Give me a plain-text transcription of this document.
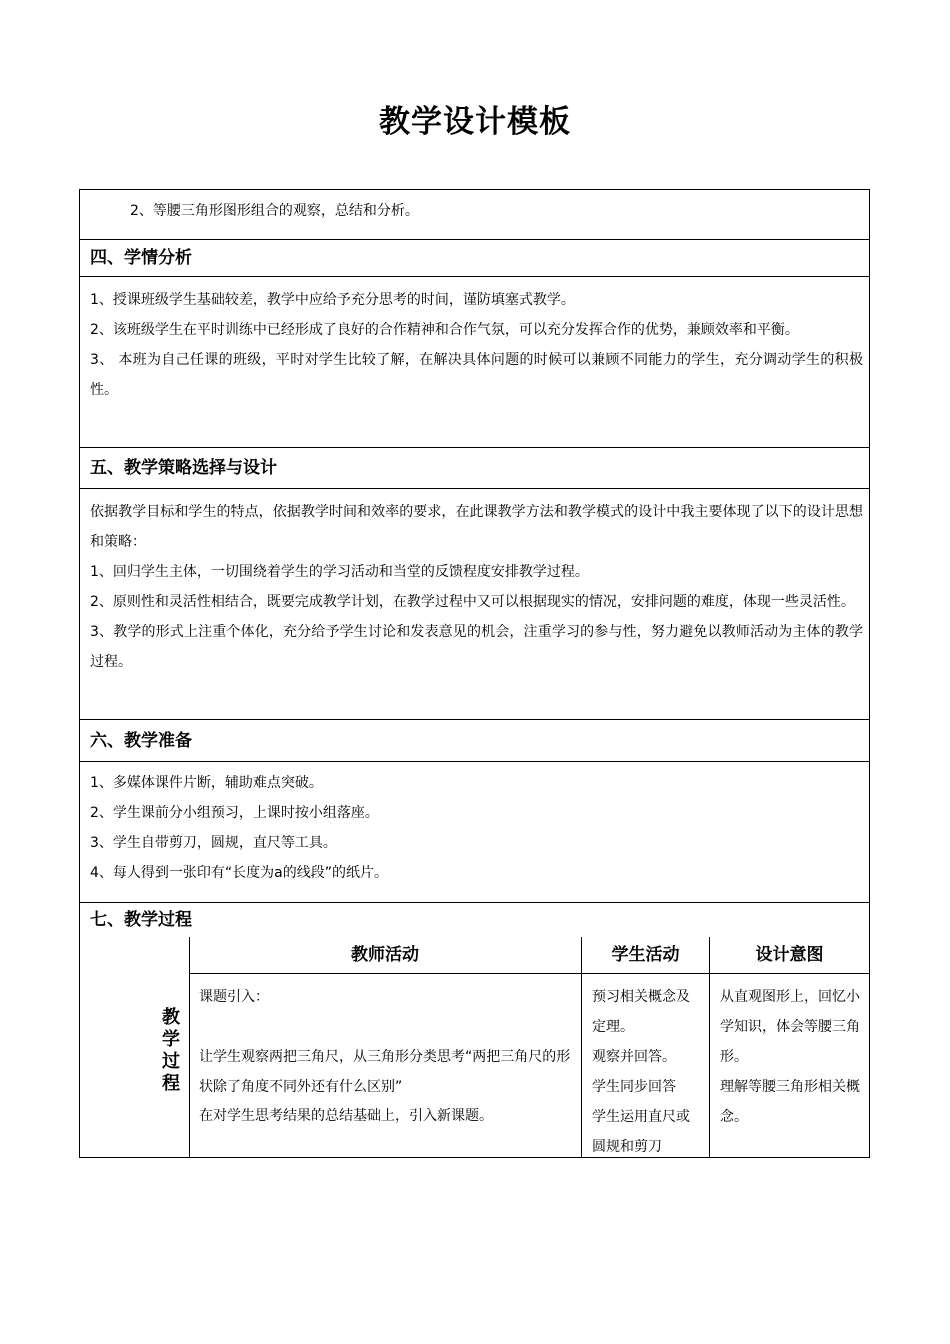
教学设计模板

2、等腰三角形图形组合的观察，总结和分析。

四、学情分析

1、授课班级学生基础较差，教学中应给予充分思考的时间，谨防填塞式教学。

2、该班级学生在平时训练中已经形成了良好的合作精神和合作气氛，可以充分发挥合作的优势，兼顾效率和平衡。

3、 本班为自己任课的班级，平时对学生比较了解，在解决具体问题的时候可以兼顾不同能力的学生，充分调动学生的积极性。

五、教学策略选择与设计

依据教学目标和学生的特点，依据教学时间和效率的要求，在此课教学方法和教学模式的设计中我主要体现了以下的设计思想和策略：

1、回归学生主体，一切围绕着学生的学习活动和当堂的反馈程度安排教学过程。

2、原则性和灵活性相结合，既要完成教学计划，在教学过程中又可以根据现实的情况，安排问题的难度，体现一些灵活性。

3、教学的形式上注重个体化，充分给予学生讨论和发表意见的机会，注重学习的参与性，努力避免以教师活动为主体的教学过程。

六、教学准备

1、多媒体课件片断，辅助难点突破。

2、学生课前分小组预习，上课时按小组落座。

3、学生自带剪刀，圆规，直尺等工具。

4、每人得到一张印有“长度为a的线段”的纸片。

七、教学过程
教学过程
教师活动

课题引入：

让学生观察两把三角尺，从三角形分类思考“两把三角尺的形状除了角度不同外还有什么区别”

在对学生思考结果的总结基础上，引入新课题。

学生活动

预习相关概念及定理。

观察并回答。

学生同步回答

学生运用直尺或圆规和剪刀

设计意图

从直观图形上，回忆小学知识，体会等腰三角形。

理解等腰三角形相关概念。
